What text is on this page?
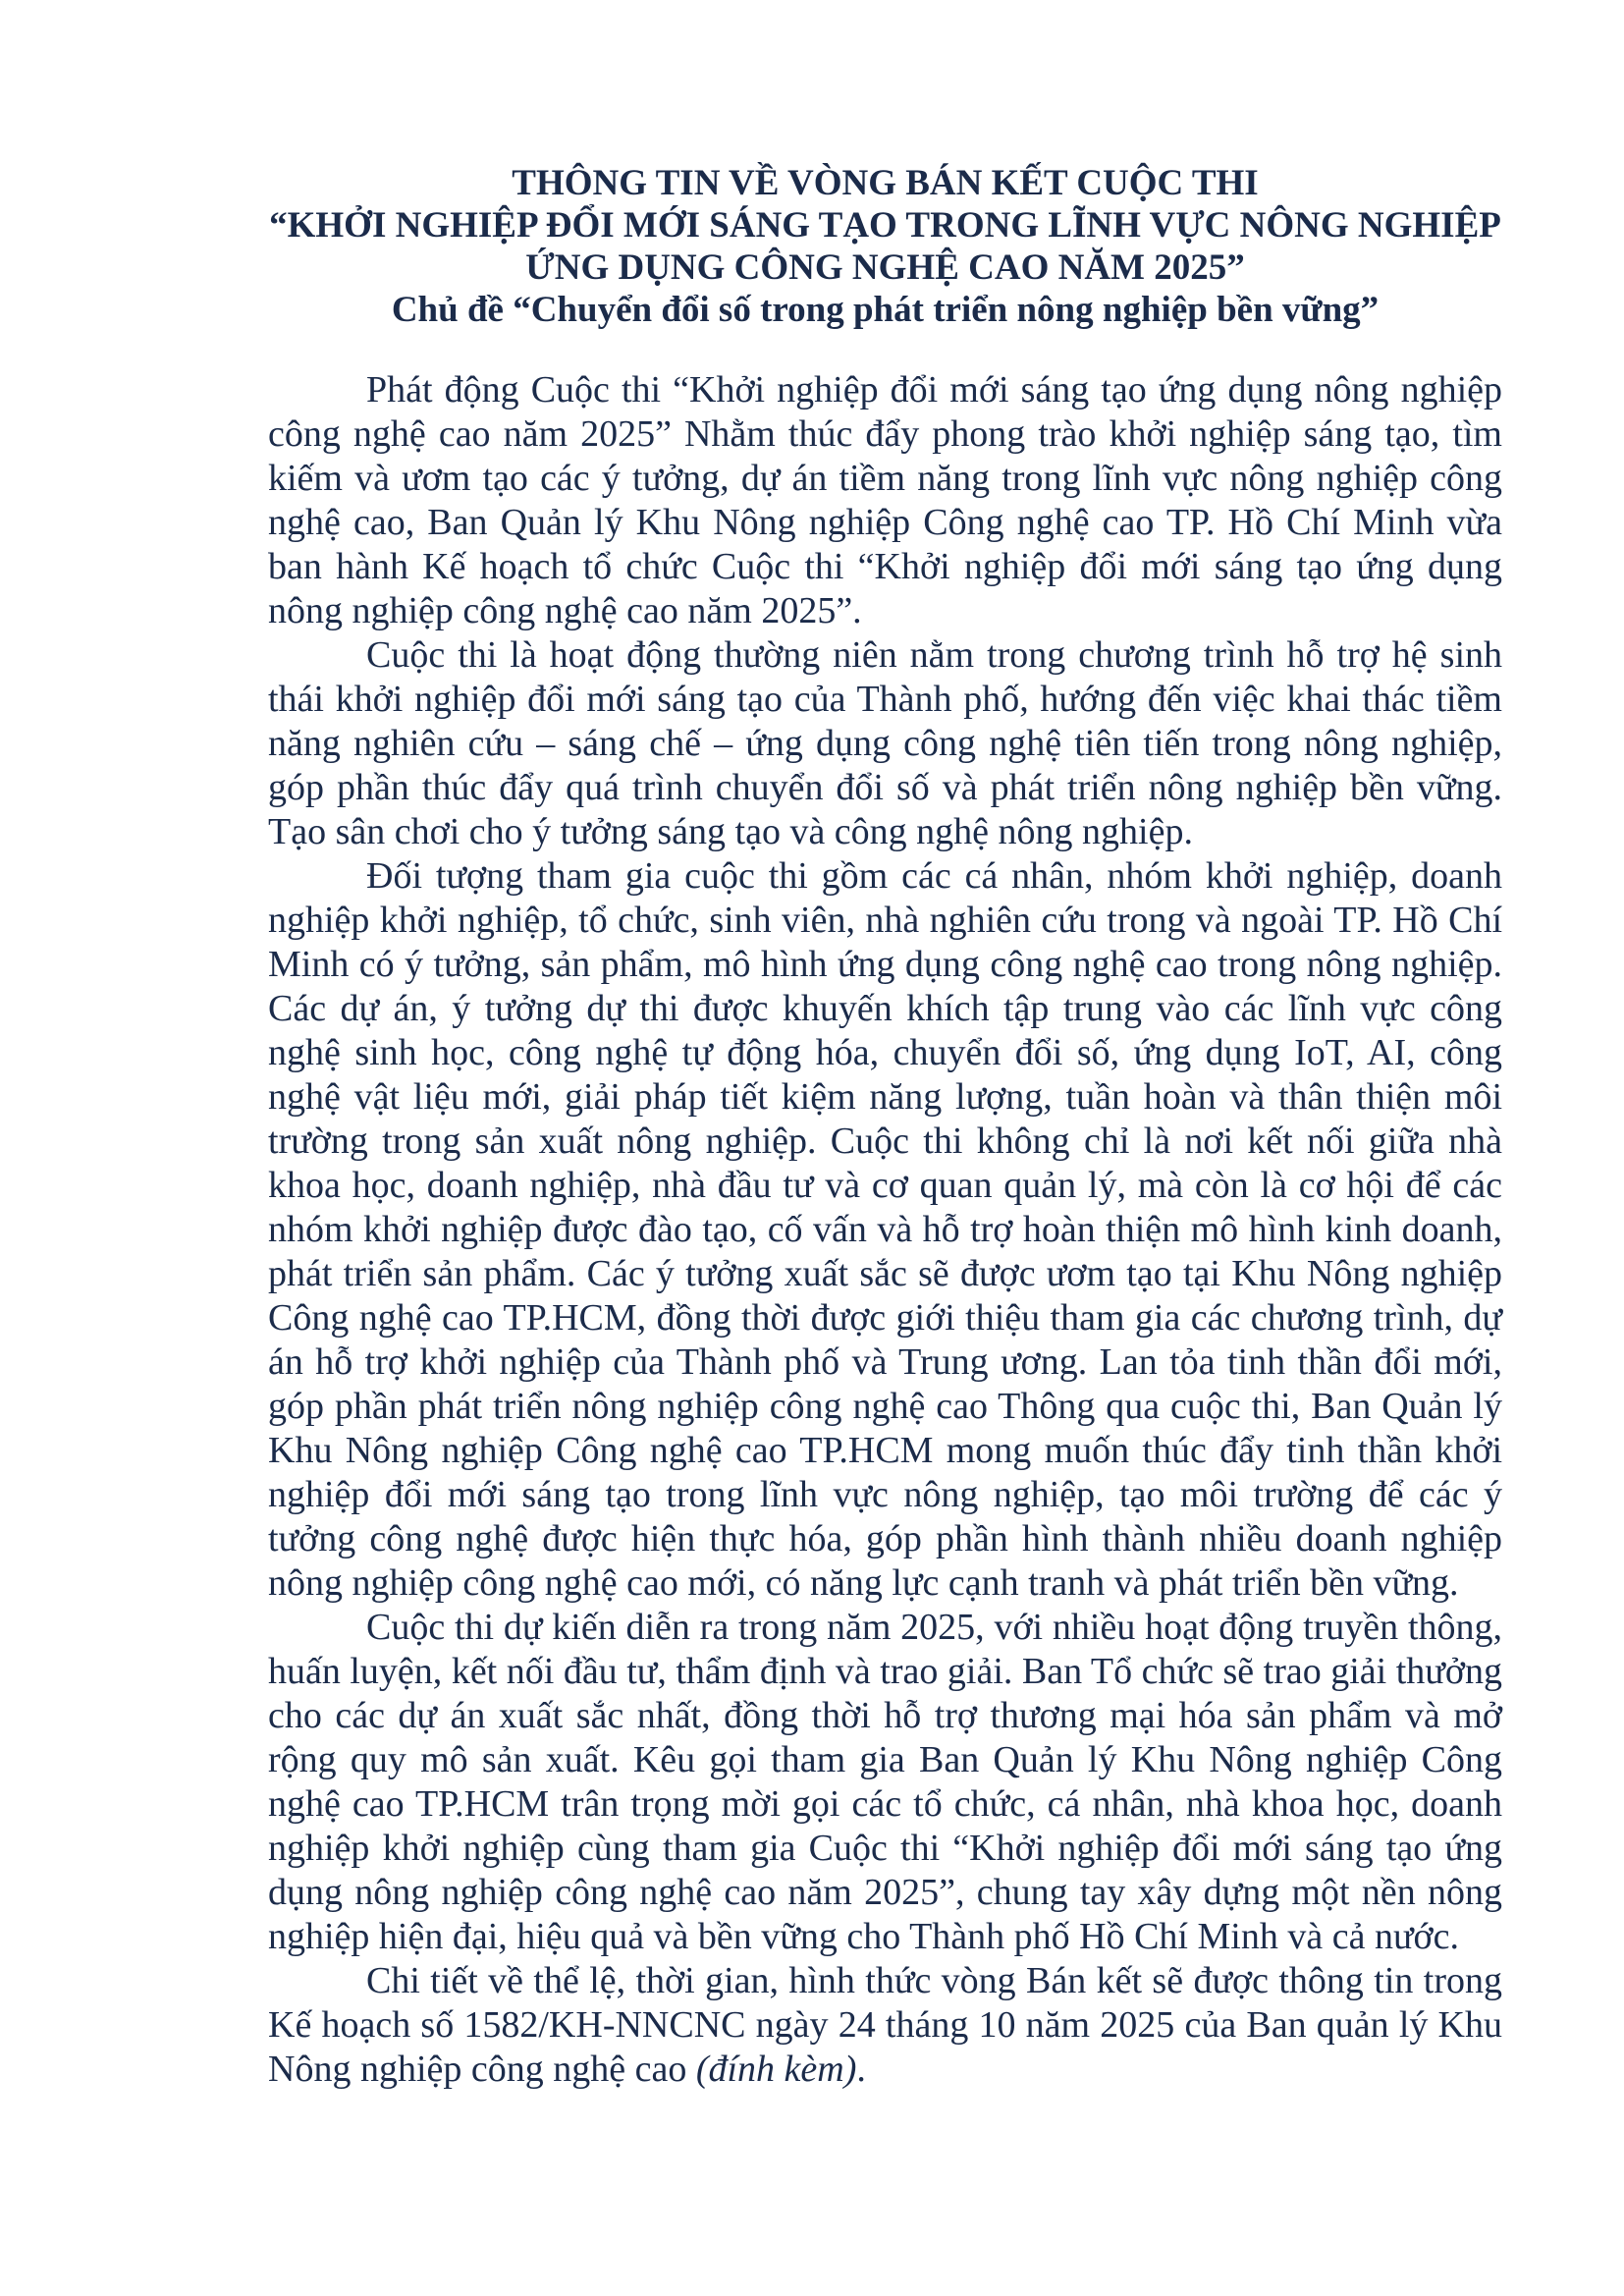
THÔNG TIN VỀ VÒNG BÁN KẾT CUỘC THI
“KHỞI NGHIỆP ĐỔI MỚI SÁNG TẠO TRONG LĨNH VỰC NÔNG NGHIỆP
ỨNG DỤNG CÔNG NGHỆ CAO NĂM 2025”
Chủ đề “Chuyển đổi số trong phát triển nông nghiệp bền vững”

Phát động Cuộc thi “Khởi nghiệp đổi mới sáng tạo ứng dụng nông nghiệp công nghệ cao năm 2025” Nhằm thúc đẩy phong trào khởi nghiệp sáng tạo, tìm kiếm và ươm tạo các ý tưởng, dự án tiềm năng trong lĩnh vực nông nghiệp công nghệ cao, Ban Quản lý Khu Nông nghiệp Công nghệ cao TP. Hồ Chí Minh vừa ban hành Kế hoạch tổ chức Cuộc thi “Khởi nghiệp đổi mới sáng tạo ứng dụng nông nghiệp công nghệ cao năm 2025”.

Cuộc thi là hoạt động thường niên nằm trong chương trình hỗ trợ hệ sinh thái khởi nghiệp đổi mới sáng tạo của Thành phố, hướng đến việc khai thác tiềm năng nghiên cứu – sáng chế – ứng dụng công nghệ tiên tiến trong nông nghiệp, góp phần thúc đẩy quá trình chuyển đổi số và phát triển nông nghiệp bền vững. Tạo sân chơi cho ý tưởng sáng tạo và công nghệ nông nghiệp.

Đối tượng tham gia cuộc thi gồm các cá nhân, nhóm khởi nghiệp, doanh nghiệp khởi nghiệp, tổ chức, sinh viên, nhà nghiên cứu trong và ngoài TP. Hồ Chí Minh có ý tưởng, sản phẩm, mô hình ứng dụng công nghệ cao trong nông nghiệp. Các dự án, ý tưởng dự thi được khuyến khích tập trung vào các lĩnh vực công nghệ sinh học, công nghệ tự động hóa, chuyển đổi số, ứng dụng IoT, AI, công nghệ vật liệu mới, giải pháp tiết kiệm năng lượng, tuần hoàn và thân thiện môi trường trong sản xuất nông nghiệp. Cuộc thi không chỉ là nơi kết nối giữa nhà khoa học, doanh nghiệp, nhà đầu tư và cơ quan quản lý, mà còn là cơ hội để các nhóm khởi nghiệp được đào tạo, cố vấn và hỗ trợ hoàn thiện mô hình kinh doanh, phát triển sản phẩm. Các ý tưởng xuất sắc sẽ được ươm tạo tại Khu Nông nghiệp Công nghệ cao TP.HCM, đồng thời được giới thiệu tham gia các chương trình, dự án hỗ trợ khởi nghiệp của Thành phố và Trung ương. Lan tỏa tinh thần đổi mới, góp phần phát triển nông nghiệp công nghệ cao Thông qua cuộc thi, Ban Quản lý Khu Nông nghiệp Công nghệ cao TP.HCM mong muốn thúc đẩy tinh thần khởi nghiệp đổi mới sáng tạo trong lĩnh vực nông nghiệp, tạo môi trường để các ý tưởng công nghệ được hiện thực hóa, góp phần hình thành nhiều doanh nghiệp nông nghiệp công nghệ cao mới, có năng lực cạnh tranh và phát triển bền vững.

Cuộc thi dự kiến diễn ra trong năm 2025, với nhiều hoạt động truyền thông, huấn luyện, kết nối đầu tư, thẩm định và trao giải. Ban Tổ chức sẽ trao giải thưởng cho các dự án xuất sắc nhất, đồng thời hỗ trợ thương mại hóa sản phẩm và mở rộng quy mô sản xuất. Kêu gọi tham gia Ban Quản lý Khu Nông nghiệp Công nghệ cao TP.HCM trân trọng mời gọi các tổ chức, cá nhân, nhà khoa học, doanh nghiệp khởi nghiệp cùng tham gia Cuộc thi “Khởi nghiệp đổi mới sáng tạo ứng dụng nông nghiệp công nghệ cao năm 2025”, chung tay xây dựng một nền nông nghiệp hiện đại, hiệu quả và bền vững cho Thành phố Hồ Chí Minh và cả nước.

Chi tiết về thể lệ, thời gian, hình thức vòng Bán kết sẽ được thông tin trong Kế hoạch số 1582/KH-NNCNC ngày 24 tháng 10 năm 2025 của Ban quản lý Khu Nông nghiệp công nghệ cao (đính kèm).
